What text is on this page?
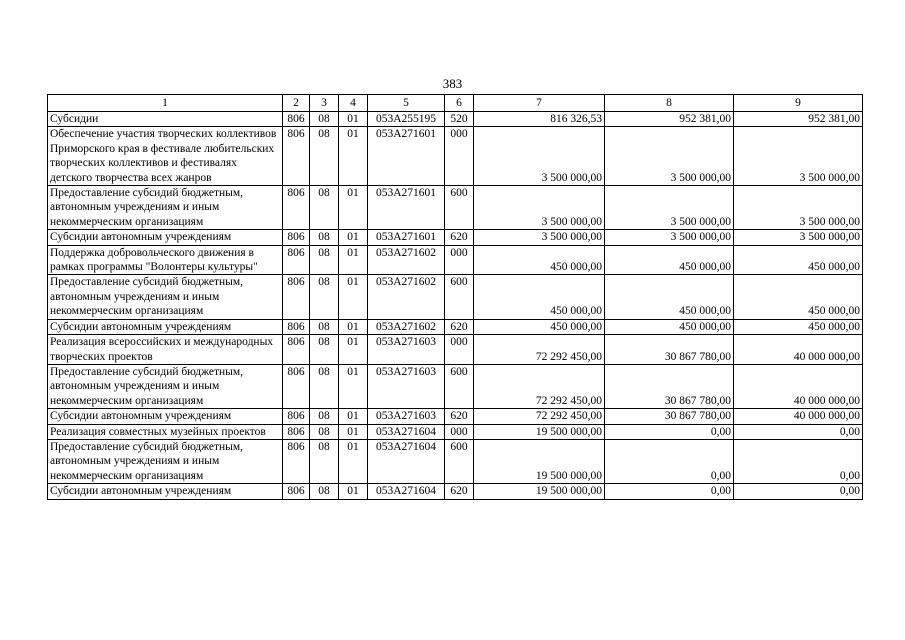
383
1	2	3	4	5	6	7	8	9
Субсидии	806	08	01	053A255195	520	816 326,53	952 381,00	952 381,00
Обеспечение участия творческих коллективов Приморского края в фестивале любительских творческих коллективов и фестивалях детского творчества всех жанров	806	08	01	053A271601	000	3 500 000,00	3 500 000,00	3 500 000,00
Предоставление субсидий бюджетным, автономным учреждениям и иным некоммерческим организациям	806	08	01	053A271601	600	3 500 000,00	3 500 000,00	3 500 000,00
Субсидии автономным учреждениям	806	08	01	053A271601	620	3 500 000,00	3 500 000,00	3 500 000,00
Поддержка добровольческого движения в рамках программы "Волонтеры культуры"	806	08	01	053A271602	000	450 000,00	450 000,00	450 000,00
Предоставление субсидий бюджетным, автономным учреждениям и иным некоммерческим организациям	806	08	01	053A271602	600	450 000,00	450 000,00	450 000,00
Субсидии автономным учреждениям	806	08	01	053A271602	620	450 000,00	450 000,00	450 000,00
Реализация всероссийских и международных творческих проектов	806	08	01	053A271603	000	72 292 450,00	30 867 780,00	40 000 000,00
Предоставление субсидий бюджетным, автономным учреждениям и иным некоммерческим организациям	806	08	01	053A271603	600	72 292 450,00	30 867 780,00	40 000 000,00
Субсидии автономным учреждениям	806	08	01	053A271603	620	72 292 450,00	30 867 780,00	40 000 000,00
Реализация совместных музейных проектов	806	08	01	053A271604	000	19 500 000,00	0,00	0,00
Предоставление субсидий бюджетным, автономным учреждениям и иным некоммерческим организациям	806	08	01	053A271604	600	19 500 000,00	0,00	0,00
Субсидии автономным учреждениям	806	08	01	053A271604	620	19 500 000,00	0,00	0,00
